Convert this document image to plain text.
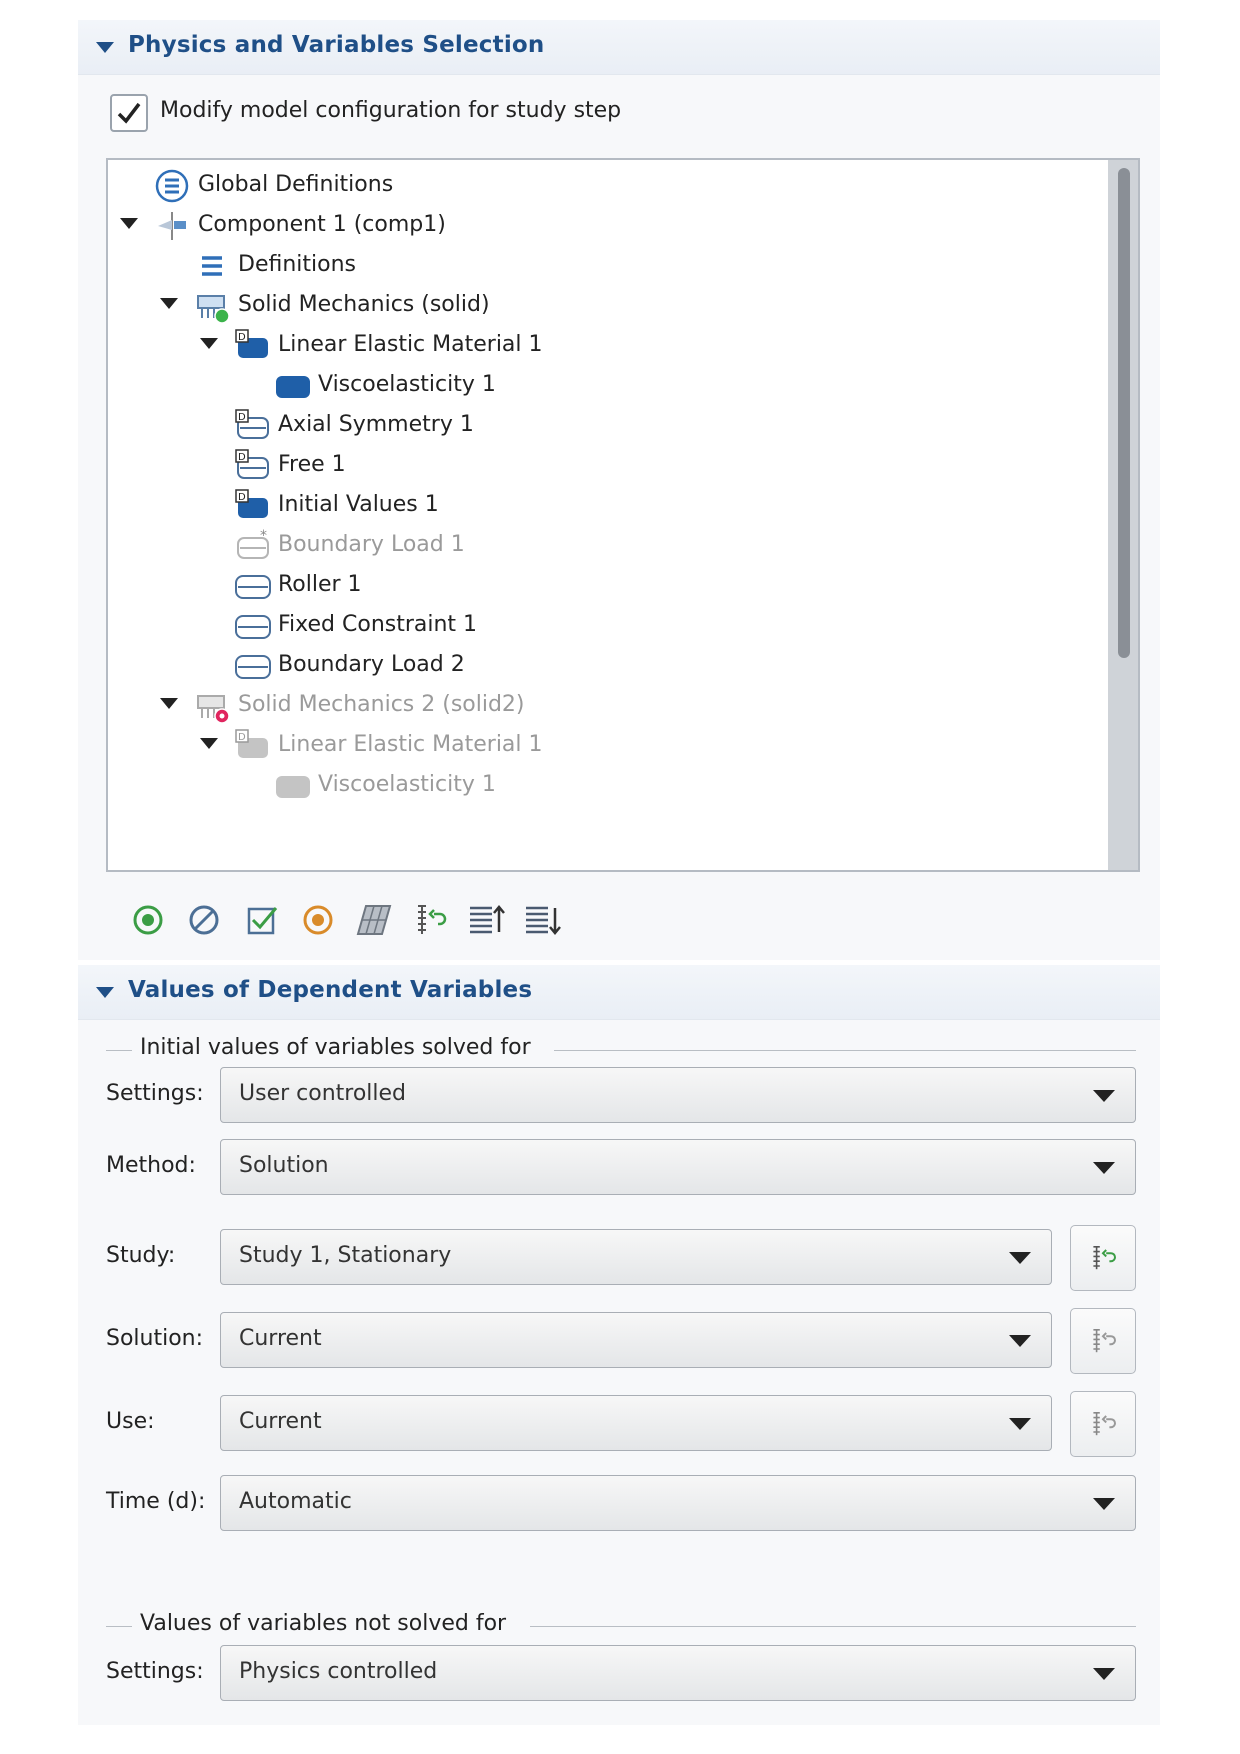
Physics and Variables Selection
Modify model configuration for study step
Global Definitions
Component 1 (comp1)
Definitions
Solid Mechanics (solid)
D Linear Elastic Material 1
Viscoelasticity 1
D Axial Symmetry 1
D Free 1
D Initial Values 1
* Boundary Load 1
Roller 1
Fixed Constraint 1
Boundary Load 2
Solid Mechanics 2 (solid2)
D Linear Elastic Material 1
Viscoelasticity 1
Values of Dependent Variables
Initial values of variables solved for
Settings: User controlled
Method: Solution
Study:	Study 1, Stationary
Solution: Current
Use:	Current
Time (d): Automatic
Values of variables not solved for
Settings: Physics controlled
